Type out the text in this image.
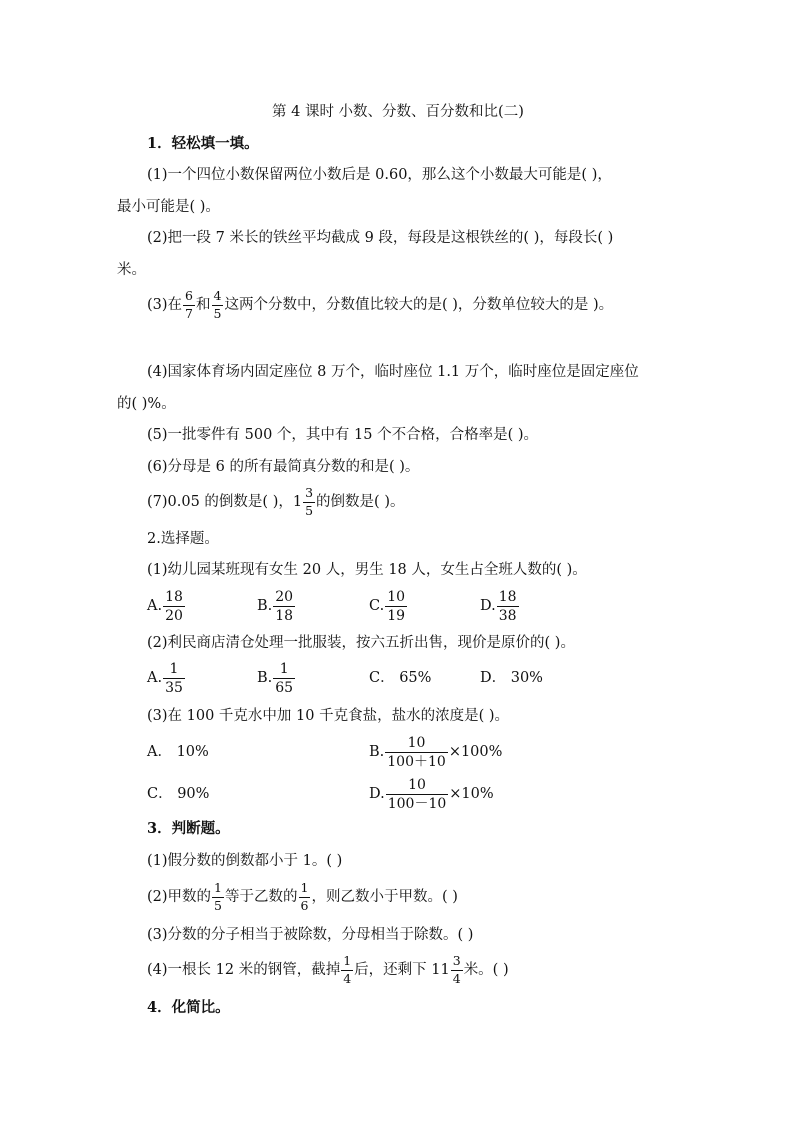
第 4 课时 小数、分数、百分数和比(二)
1．轻松填一填。
(1)一个四位小数保留两位小数后是 0.60，那么这个小数最大可能是( )，
最小可能是( )。
(2)把一段 7 米长的铁丝平均截成 9 段，每段是这根铁丝的( )，每段长( )
米。
(3)在 $\frac{6}{7}$ 和 $\frac{4}{5}$ 这两个分数中，分数值比较大的是( )，分数单位较大的是 )。
(4)国家体育场内固定座位 8 万个，临时座位 1.1 万个，临时座位是固定座位
的( )%。
(5)一批零件有 500 个，其中有 15 个不合格，合格率是( )。
(6)分母是 6 的所有最简真分数的和是( )。
(7)0.05 的倒数是( )，$1 \frac{3}{5}$ 的倒数是( )。
2.选择题。
(1)幼儿园某班现有女生 20 人，男生 18 人，女生占全班人数的( )。
A. $\frac{18}{20}$	B. $\frac{20}{18}$	C. $\frac{10}{19}$	D. $\frac{18}{38}$
(2)利民商店清仓处理一批服装，按六五折出售，现价是原价的( )。
A. $\frac{1}{35}$	B. $\frac{1}{65}$	C． 65%	D． 30%
(3)在 100 千克水中加 10 千克食盐，盐水的浓度是( )。
A． 10%	B. $\frac{10}{100+10} \times 100\%$
C． 90%	D. $\frac{10}{100-10} \times 10\%$
3．判断题。
(1)假分数的倒数都小于 1。( )
(2)甲数的 $\frac{1}{5}$ 等于乙数的 $\frac{1}{6}$ ，则乙数小于甲数。( )
(3)分数的分子相当于被除数，分母相当于除数。( )
(4)一根长 12 米的钢管，截掉 $\frac{1}{4}$ 后，还剩下 $11 \frac{3}{4}$ 米。( )
4．化简比。
